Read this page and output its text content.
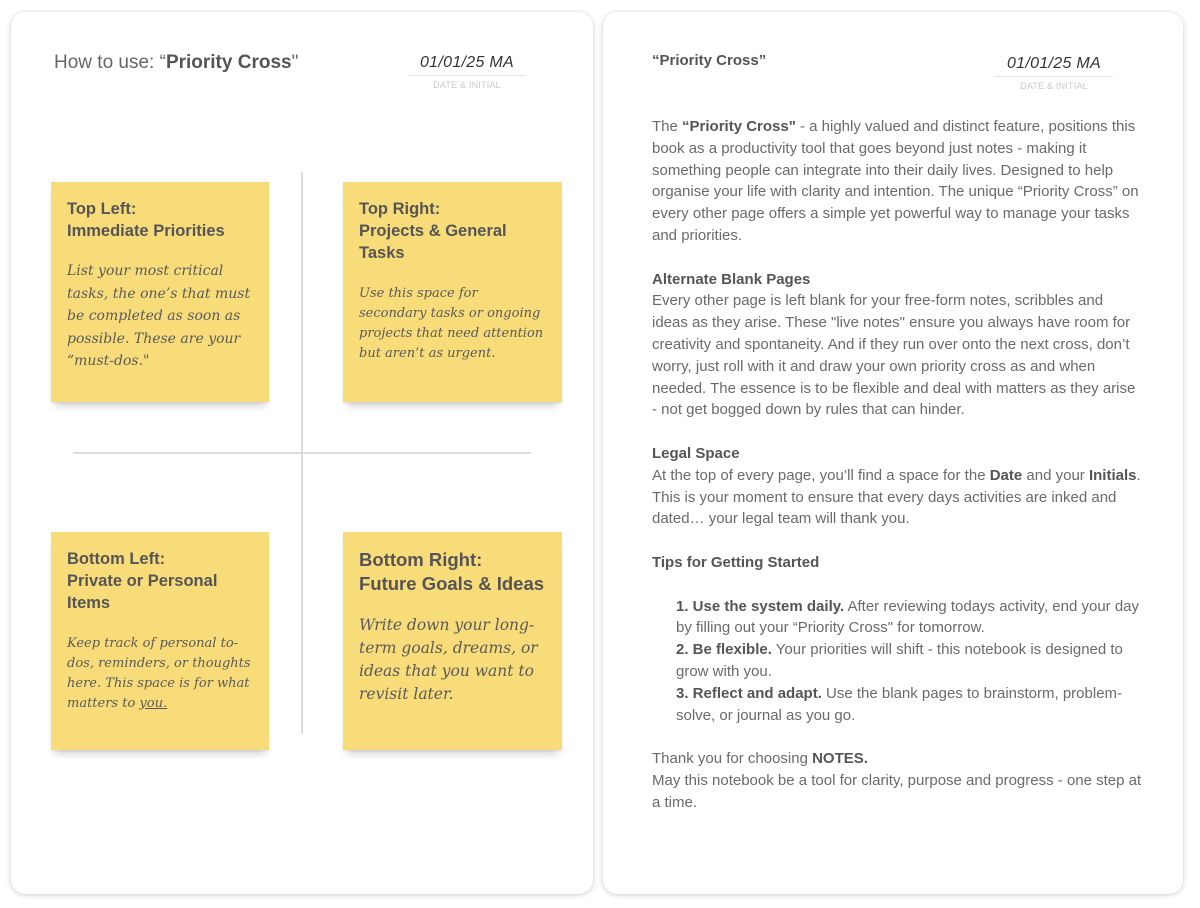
How to use: “Priority Cross"	01/01/25 MA
DATE & INITIAL
Top Left:
Immediate Priorities
List your most critical tasks, the one’s that must be completed as soon as possible. These are your “must-dos."
Top Right:
Projects & General Tasks
Use this space for secondary tasks or ongoing projects that need attention but aren’t as urgent.
Bottom Left:
Private or Personal Items
Keep track of personal to-dos, reminders, or thoughts here. This space is for what matters to you.
Bottom Right:
Future Goals & Ideas
Write down your long-term goals, dreams, or ideas that you want to revisit later.
“Priority Cross”	01/01/25 MA
DATE & INITIAL

The “Priority Cross" - a highly valued and distinct feature, positions this book as a productivity tool that goes beyond just notes - making it something people can integrate into their daily lives. Designed to help organise your life with clarity and intention. The unique “Priority Cross” on every other page offers a simple yet powerful way to manage your tasks and priorities.

Alternate Blank Pages
Every other page is left blank for your free-form notes, scribbles and ideas as they arise. These "live notes" ensure you always have room for creativity and spontaneity. And if they run over onto the next cross, don’t worry, just roll with it and draw your own priority cross as and when needed. The essence is to be flexible and deal with matters as they arise - not get bogged down by rules that can hinder.

Legal Space
At the top of every page, you’ll find a space for the Date and your Initials. This is your moment to ensure that every days activities are inked and dated… your legal team will thank you.

Tips for Getting Started

1. Use the system daily. After reviewing todays activity, end your day by filling out your “Priority Cross" for tomorrow.
2. Be flexible. Your priorities will shift - this notebook is designed to grow with you.
3. Reflect and adapt. Use the blank pages to brainstorm, problem-solve, or journal as you go.

Thank you for choosing NOTES.
May this notebook be a tool for clarity, purpose and progress - one step at a time.
